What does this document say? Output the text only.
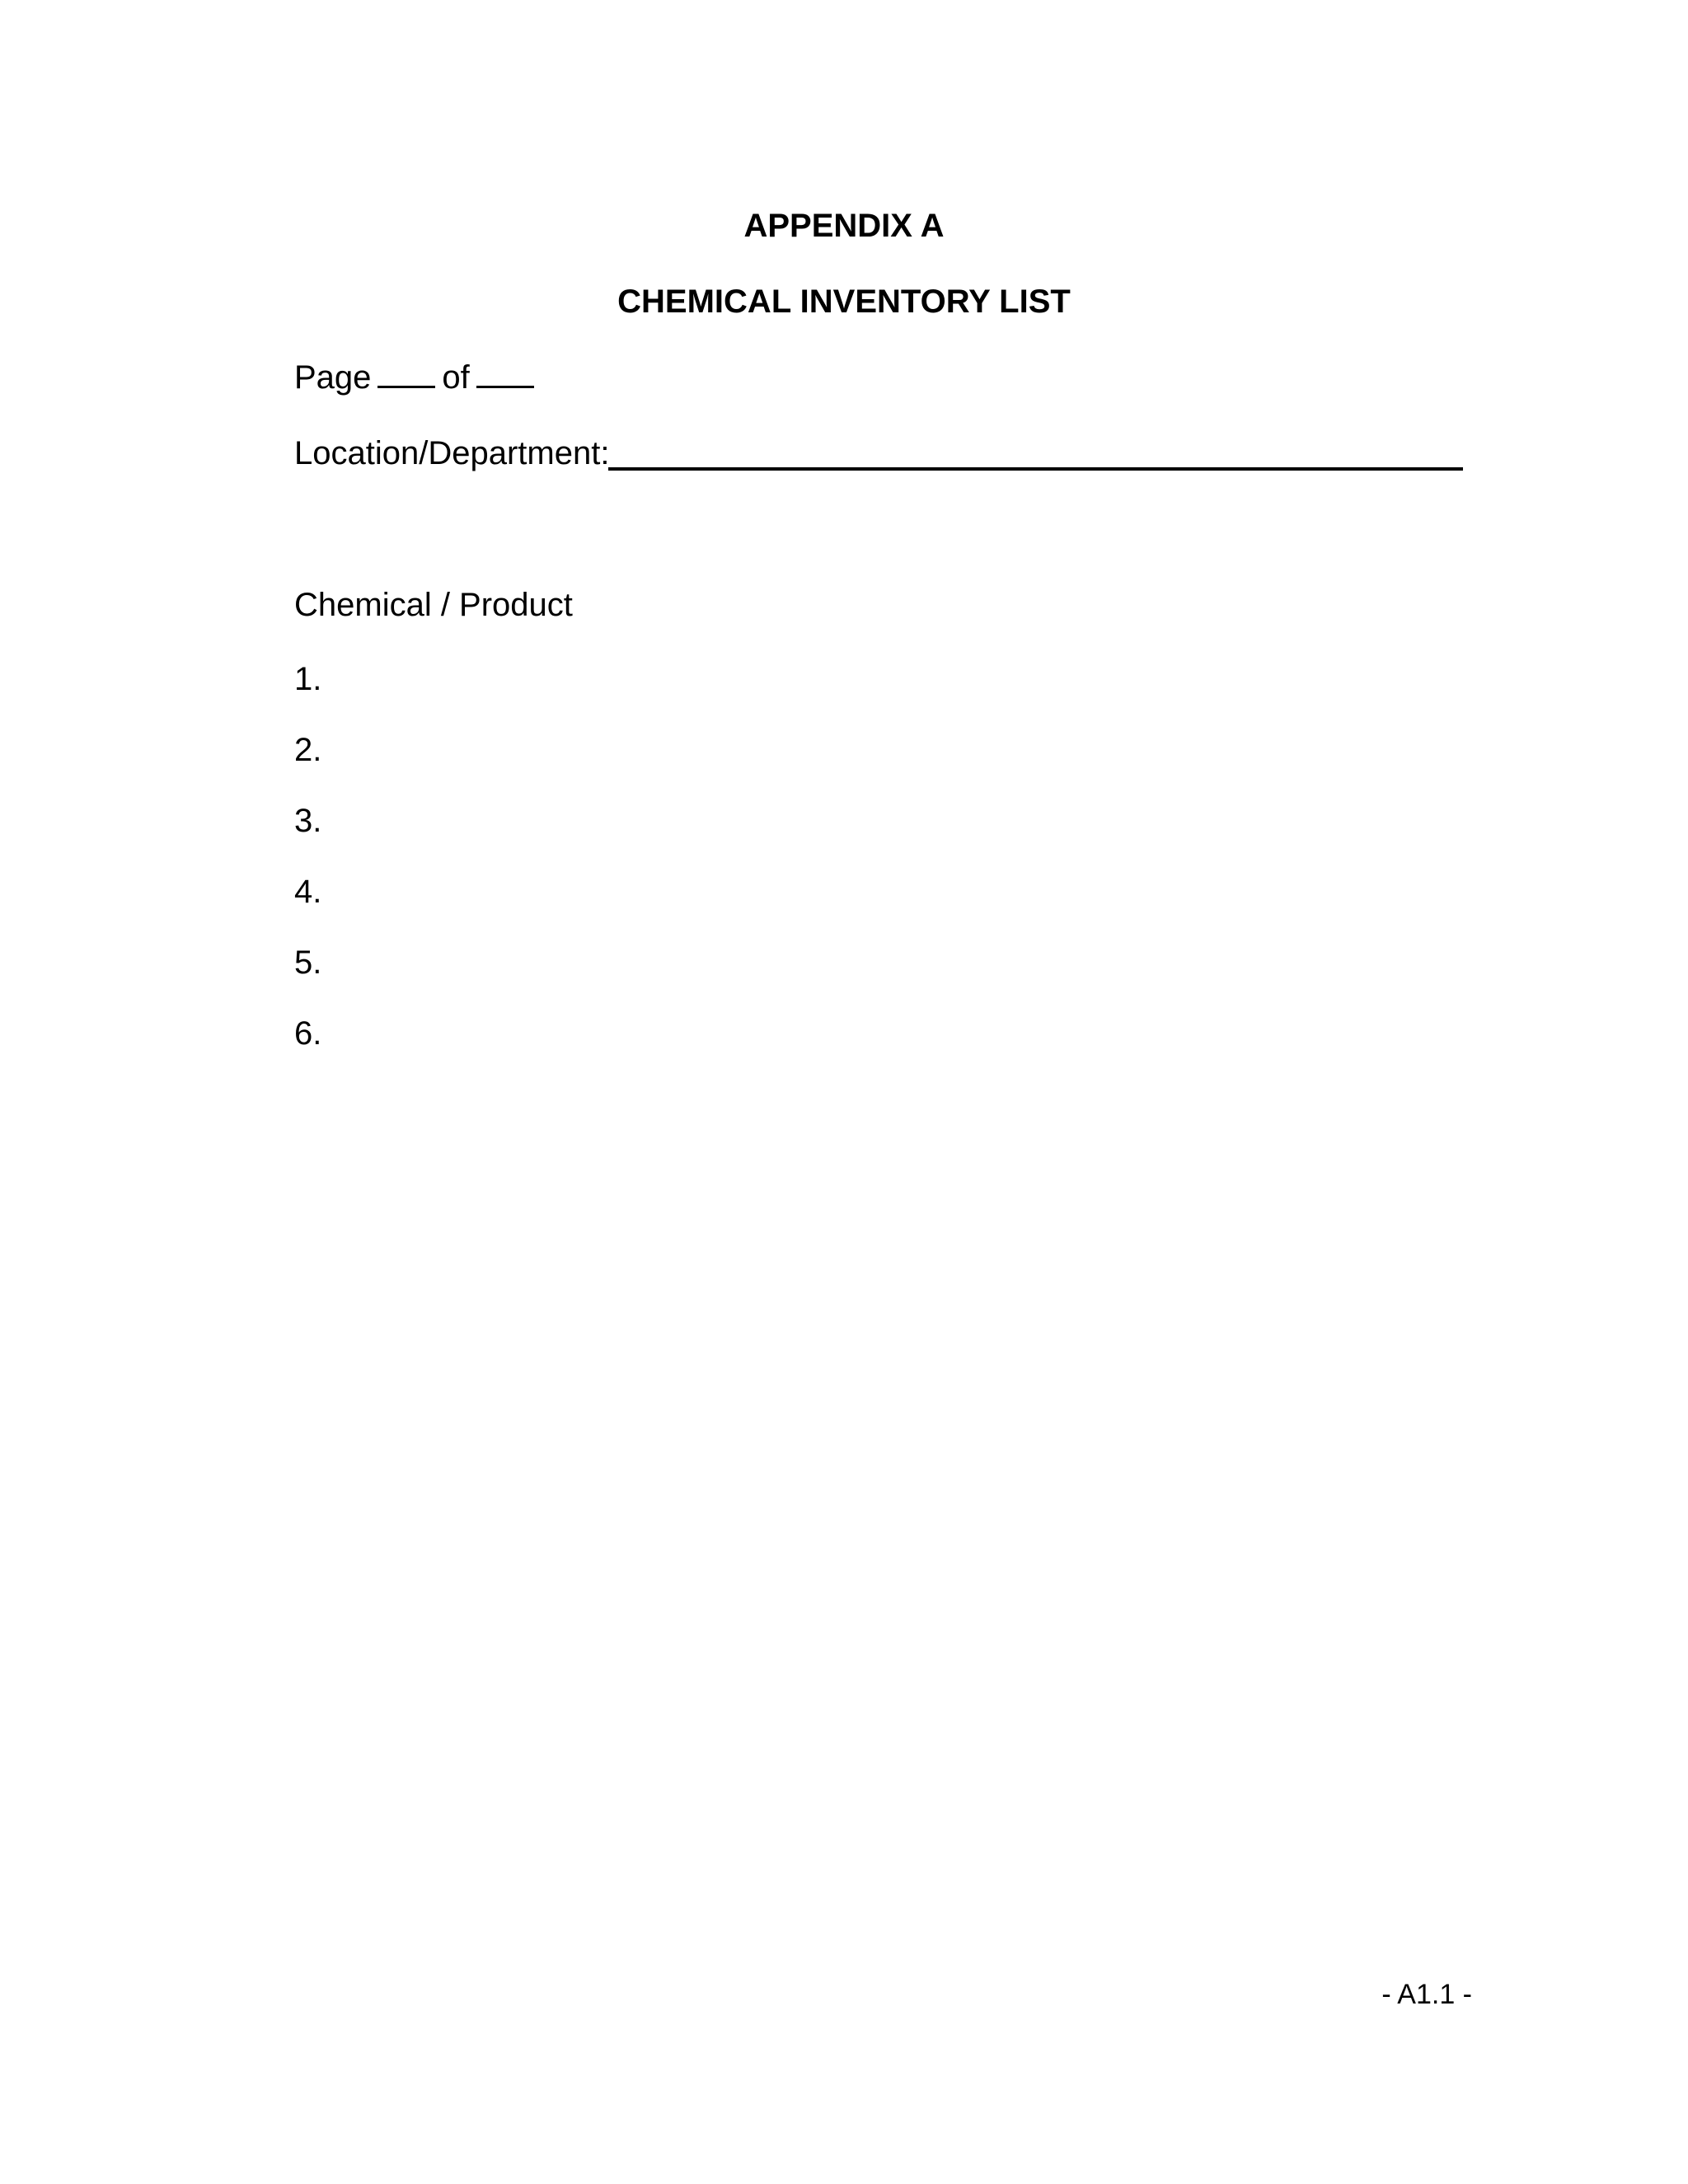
APPENDIX A
CHEMICAL INVENTORY LIST
Page of
Location/Department:
Chemical / Product
1.
2.
3.
4.
5.
6.
- A1.1 -
